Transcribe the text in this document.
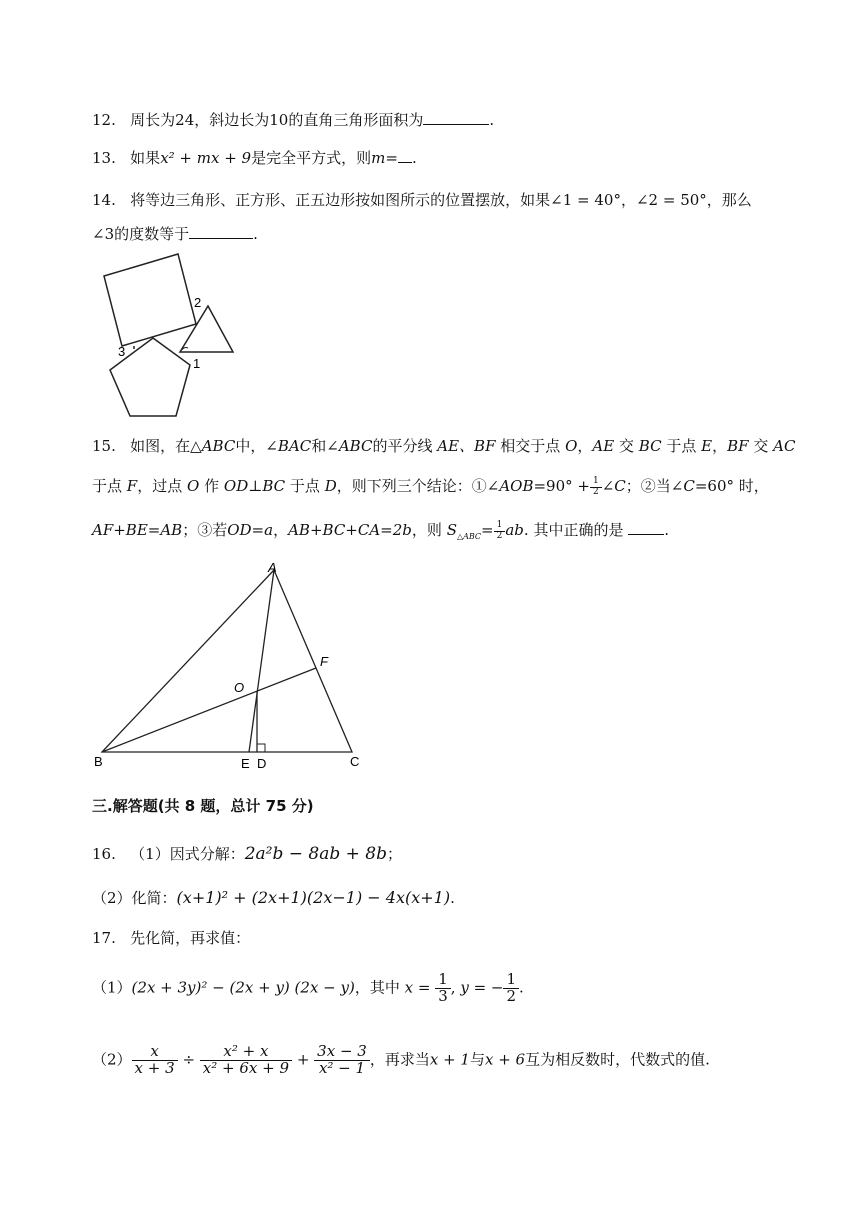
12. 周长为24，斜边长为10的直角三角形面积为	.
13. 如果x² + mx + 9是完全平方式，则m= .
14. 将等边三角形、正方形、正五边形按如图所示的位置摆放，如果∠1 = 40°，∠2 = 50°，那么
∠3的度数等于	.
1
2
3
15. 如图，在△ABC中，∠BAC和∠ABC的平分线 AE、BF 相交于点 O，AE 交 BC 于点 E，BF 交 AC
于点 F，过点 O 作 OD⊥BC 于点 D，则下列三个结论：①∠AOB=90° + $\frac{1}{2}$ ∠C；②当∠C=60° 时，
AF+BE=AB；③若OD=a，AB+BC+CA=2b，则 $S_{\triangle ABC}= \frac{1}{2}$ ab. 其中正确的是	.
A
B	C
D
E
F
O
三.解答题(共 8 题，总计 75 分)
16. （1）因式分解：2a²b − 8ab + 8b；
（2）化简：(x+1)² + (2x+1)(2x−1) − 4x(x+1).
17. 先化简，再求值：
（1）(2x + 3y)² − (2x + y) (2x − y)，其中 $x = \frac{1}{3}$ , y = − $\frac{1}{2}$ .
$(2) \frac{x}{x + 3} \div \frac{\text{x² + x}}{\text{x² + 6x + 9}} + \frac{3x - 3}{\text{x² − 1}}$ ，再求当x + 1与x + 6互为相反数时，代数式的值.
